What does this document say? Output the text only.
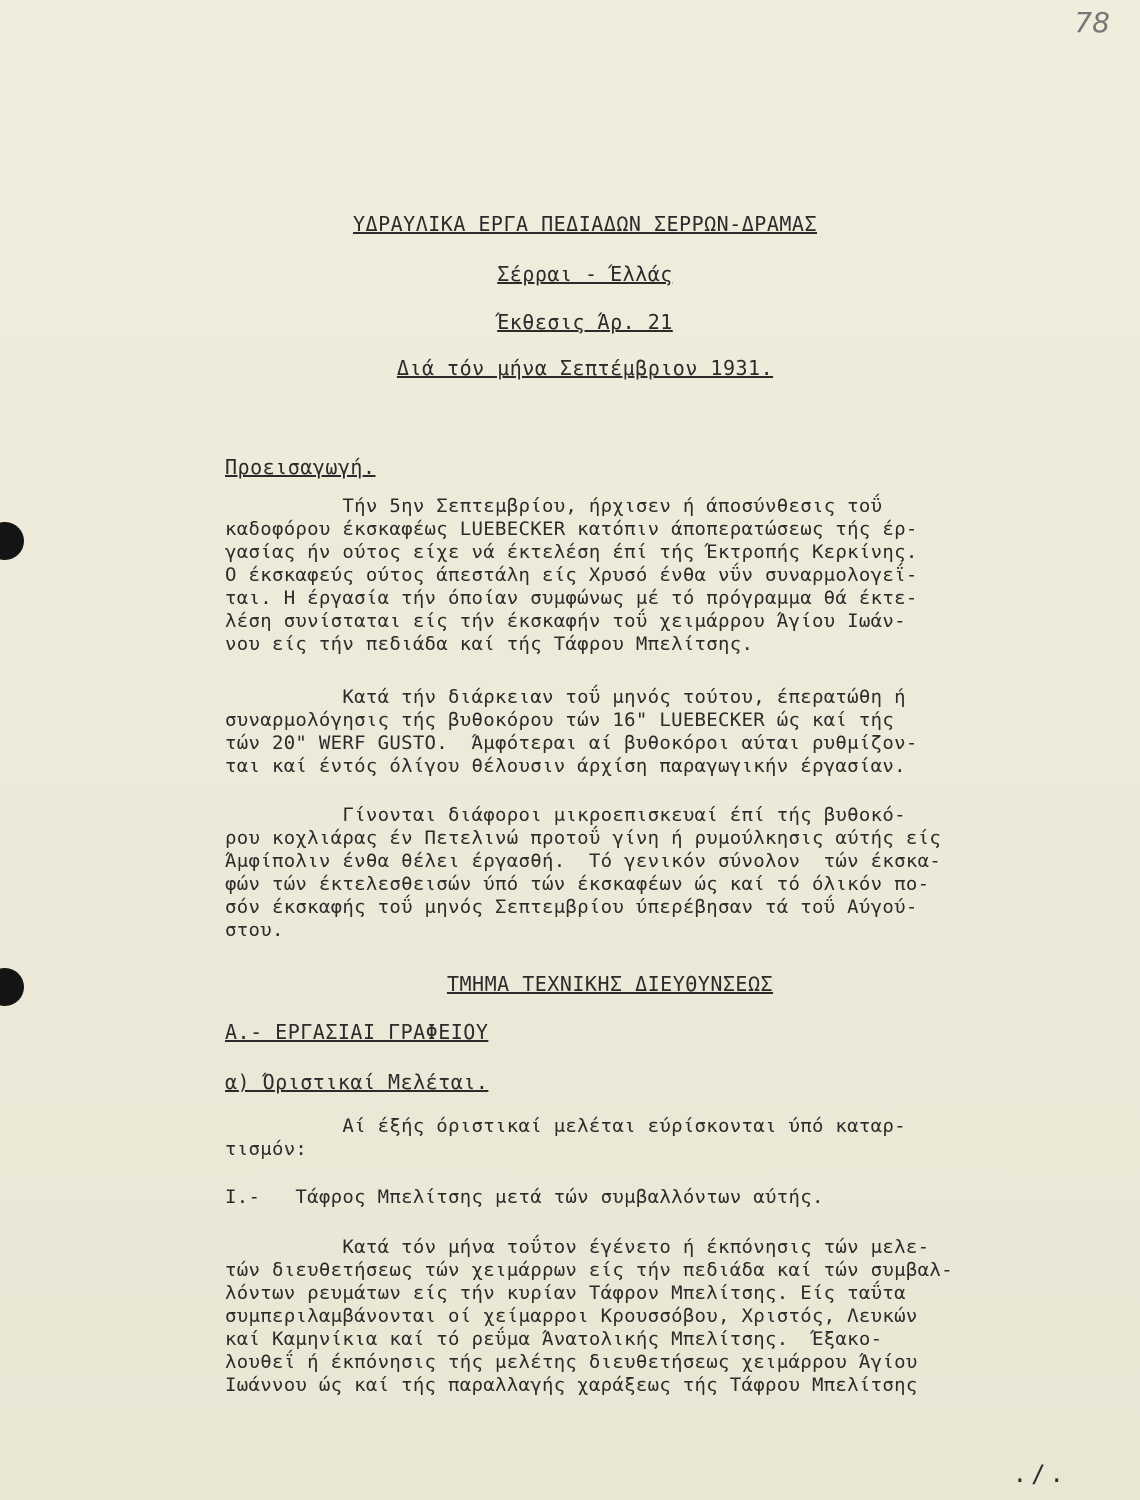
78
ΥΔΡΑΥΛΙΚΑ ΕΡΓΑ ΠΕΔΙΑΔΩΝ ΣΕΡΡΩΝ-ΔΡΑΜΑΣ
Σέρραι - Έλλάς
Έκθεσις Άρ. 21
Διά τόν μήνα Σεπτέμβριον 1931.
Προεισαγωγή.
Τήν 5ην Σεπτεμβρίου, ήρχισεν ή άποσύνθεσις τοΰ
καδοφόρου έκσκαφέως LUEBECKER κατόπιν άποπερατώσεως τής έρ-
γασίας ήν ούτος είχε νά έκτελέση έπί τής Έκτροπής Κερκίνης.
Ο έκσκαφεύς ούτος άπεστάλη είς Χρυσό ένθα νΰν συναρμολογεΐ-
ται. Η έργασία τήν όποίαν συμφώνως μέ τό πρόγραμμα θά έκτε-
λέση συνίσταται είς τήν έκσκαφήν τοΰ χειμάρρου Άγίου Ιωάν-
νου είς τήν πεδιάδα καί τής Τάφρου Μπελίτσης.
Κατά τήν διάρκειαν τοΰ μηνός τούτου, έπερατώθη ή
συναρμολόγησις τής βυθοκόρου τών 16" LUEBECKER ώς καί τής
τών 20" WERF GUSTO.  Άμφότεραι αί βυθοκόροι αύται ρυθμίζον-
ται καί έντός όλίγου θέλουσιν άρχίση παραγωγικήν έργασίαν.
Γίνονται διάφοροι μικροεπισκευαί έπί τής βυθοκό-
ρου κοχλιάρας έν Πετελινώ προτοΰ γίνη ή ρυμούλκησις αύτής είς
Άμφίπολιν ένθα θέλει έργασθή.  Τό γενικόν σύνολον  τών έκσκα-
φών τών έκτελεσθεισών ύπό τών έκσκαφέων ώς καί τό όλικόν πο-
σόν έκσκαφής τοΰ μηνός Σεπτεμβρίου ύπερέβησαν τά τοΰ Αύγού-
στου.
ΤΜΗΜΑ ΤΕΧΝΙΚΗΣ ΔΙΕΥΘΥΝΣΕΩΣ
Α.- ΕΡΓΑΣΙΑΙ ΓΡΑΦΕΙΟΥ
α) Όριστικαί Μελέται.
Αί έξής όριστικαί μελέται εύρίσκονται ύπό καταρ-
τισμόν:
Ι.-   Τάφρος Μπελίτσης μετά τών συμβαλλόντων αύτής.
Κατά τόν μήνα τοΰτον έγένετο ή έκπόνησις τών μελε-
τών διευθετήσεως τών χειμάρρων είς τήν πεδιάδα καί τών συμβαλ-
λόντων ρευμάτων είς τήν κυρίαν Τάφρον Μπελίτσης. Είς ταΰτα
συμπεριλαμβάνονται οί χείμαρροι Κρουσσόβου, Χριστός, Λευκών
καί Καμηνίκια καί τό ρεΰμα Άνατολικής Μπελίτσης.  Έξακο-
λουθεΐ ή έκπόνησις τής μελέτης διευθετήσεως χειμάρρου Άγίου
Ιωάννου ώς καί τής παραλλαγής χαράξεως τής Τάφρου Μπελίτσης
./.
